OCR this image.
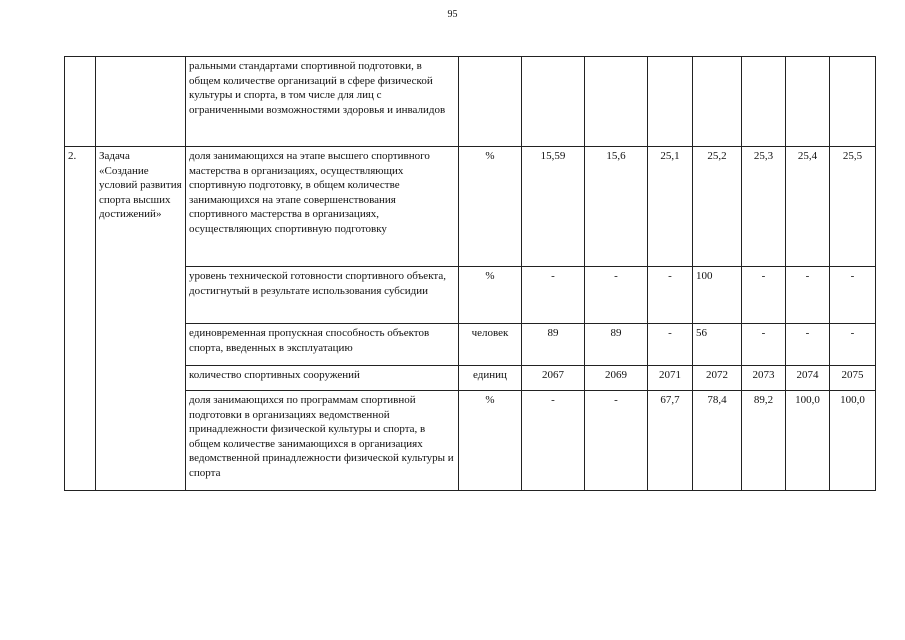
95
		ральными стандартами спортивной подготовки, в общем количестве организаций в сфере физической культуры и спорта, в том числе для лиц с ограниченными возможностями здоровья и инвалидов								
2.	Задача «Создание условий развития спорта высших достижений»	доля занимающихся на этапе высшего спортивного мастерства в организациях, осуществляющих спортивную подготовку, в общем количестве занимающихся на этапе совершенствования спортивного мастерства в организациях, осуществляющих спортивную подготовку	%	15,59	15,6	25,1	25,2	25,3	25,4	25,5
		уровень технической готовности спортивного объекта, достигнутый в результате использования субсидии	%	-	-	-	100	-	-	-
		единовременная пропускная способность объектов спорта, введенных в эксплуатацию	человек	89	89	-	56	-	-	-
		количество спортивных сооружений	единиц	2067	2069	2071	2072	2073	2074	2075
		доля занимающихся по программам спортивной подготовки в организациях ведомственной принадлежности физической культуры и спорта, в общем количестве занимающихся в организациях ведомственной принадлежности физической культуры и спорта	%	-	-	67,7	78,4	89,2	100,0	100,0
